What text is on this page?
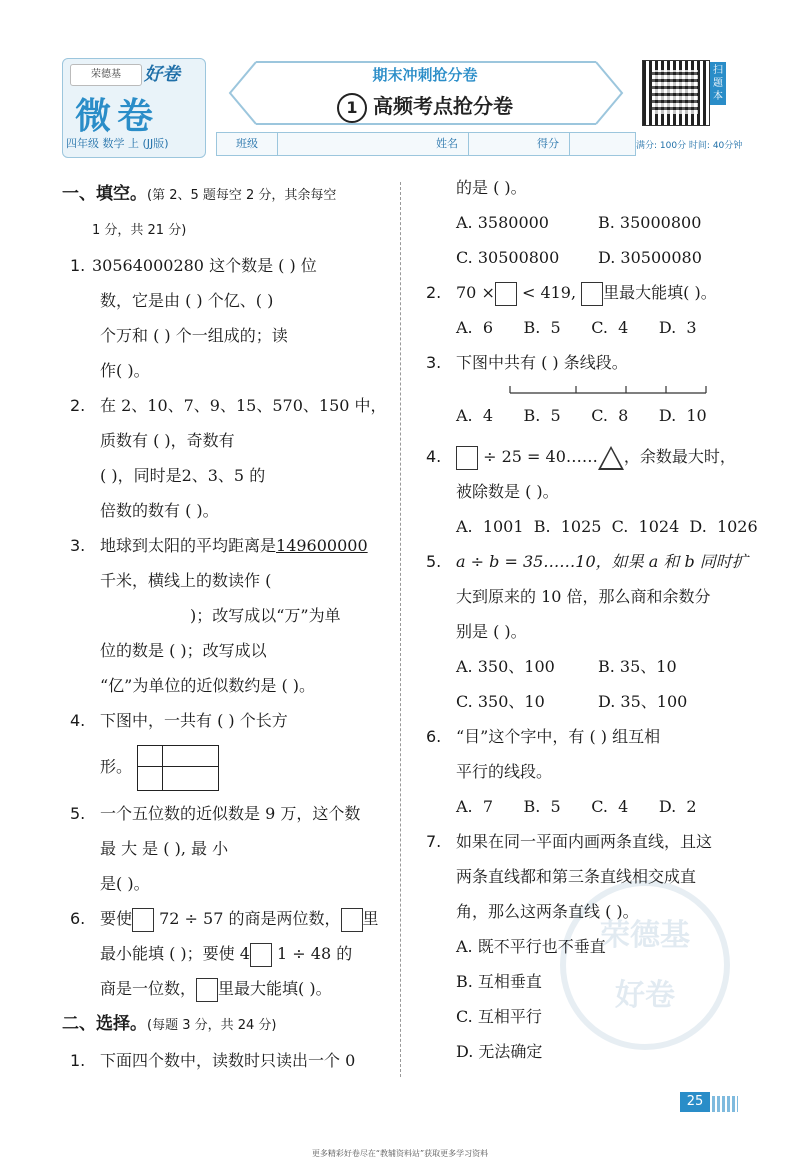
荣德基	好卷
微卷
四年级 数学 上 (JJ版)
期末冲刺抢分卷
1 高频考点抢分卷
班级	姓名	得分
扫题本
满分: 100分 时间: 40分钟
荣德基
好卷
一、填空。(第 2、5 题每空 2 分，其余每空
1 分，共 21 分)
1. 30564000280 这个数是 ( ) 位
数，它是由 ( ) 个亿、( )
个万和 ( ) 个一组成的；读
作( )。
2. 在 2、10、7、9、15、570、150 中，
质数有 ( )，奇数有
( )，同时是2、3、5 的
倍数的数有 ( )。
3. 地球到太阳的平均距离是149600000
千米，横线上的数读作 (
)；改写成以“万”为单
位的数是 ( )；改写成以
“亿”为单位的近似数约是 ( )。
4. 下图中，一共有 ( ) 个长方
形。
5. 一个五位数的近似数是 9 万，这个数
最 大 是 ( ), 最 小
是( )。
6. 要使 72 ÷ 57 的商是两位数， 里
最小能填 ( )；要使 4 1 ÷ 48 的
商是一位数， 里最大能填( )。
二、选择。(每题 3 分，共 24 分)
1. 下面四个数中，读数时只读出一个 0
的是 ( )。
A. 3580000	B. 35000800
C. 30500800	D. 30500080
2. 70 × < 419, 里最大能填( )。
A.  6      B.  5      C.  4      D.  3
3. 下图中共有 ( ) 条线段。
A.  4      B.  5      C.  8      D.  10
4.	÷ 25 = 40…… ，余数最大时，
被除数是 ( )。
A.  1001  B.  1025  C.  1024  D.  1026
5. a ÷ b = 35……10，如果 a 和 b 同时扩
大到原来的 10 倍，那么商和余数分
别是 ( )。
A. 350、100	B. 35、10
C. 350、10	D. 35、100
6. “目”这个字中，有 ( ) 组互相
平行的线段。
A.  7      B.  5      C.  4      D.  2
7. 如果在同一平面内画两条直线，且这
两条直线都和第三条直线相交成直
角，那么这两条直线 ( )。
A. 既不平行也不垂直
B. 互相垂直
C. 互相平行
D. 无法确定
25
更多精彩好卷尽在“教辅资料站”获取更多学习资料
